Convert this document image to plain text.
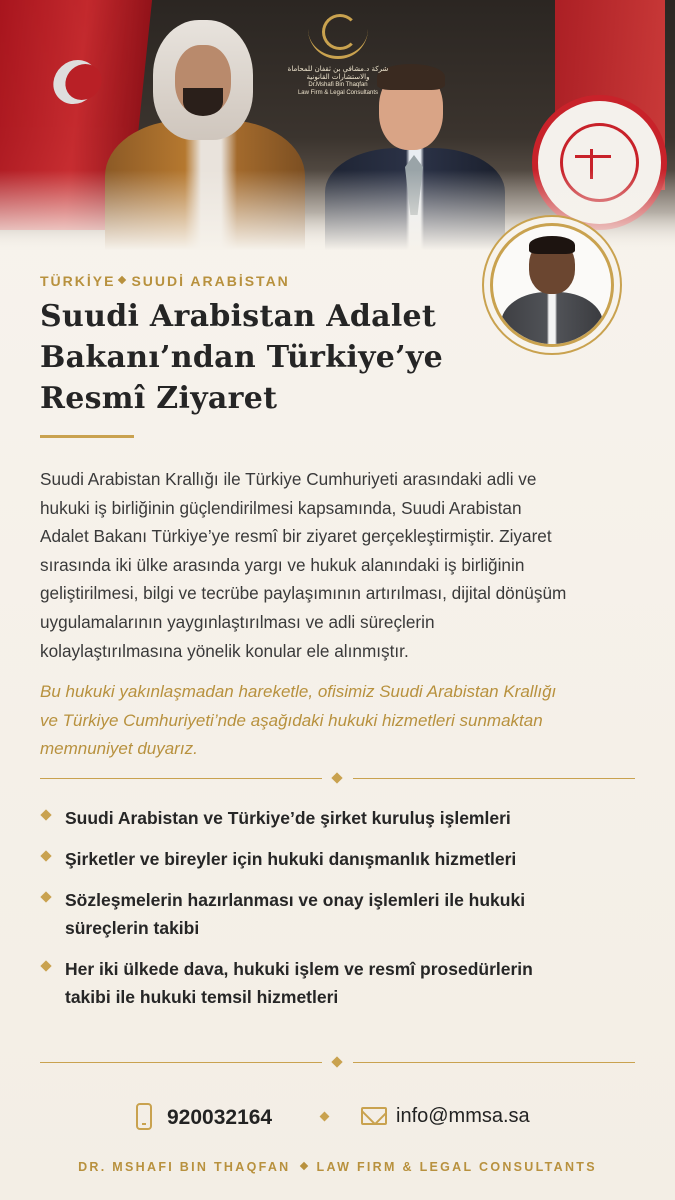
شركة د.مشافي بن ثقفان للمحاماة والاستشارات القانونية
Dr.Mshafi Bin Thaqfan
Law Firm & Legal Consultants
TÜRKİYE SUUDİ ARABİSTAN
Suudi Arabistan Adalet
Bakanı’ndan Türkiye’ye
Resmî Ziyaret
Suudi Arabistan Krallığı ile Türkiye Cumhuriyeti arasındaki adli ve
hukuki iş birliğinin güçlendirilmesi kapsamında, Suudi Arabistan
Adalet Bakanı Türkiye’ye resmî bir ziyaret gerçekleştirmiştir. Ziyaret
sırasında iki ülke arasında yargı ve hukuk alanındaki iş birliğinin
geliştirilmesi, bilgi ve tecrübe paylaşımının artırılması, dijital dönüşüm
uygulamalarının yaygınlaştırılması ve adli süreçlerin
kolaylaştırılmasına yönelik konular ele alınmıştır.
Bu hukuki yakınlaşmadan hareketle, ofisimiz Suudi Arabistan Krallığı
ve Türkiye Cumhuriyeti’nde aşağıdaki hukuki hizmetleri sunmaktan
memnuniyet duyarız.
Suudi Arabistan ve Türkiye’de şirket kuruluş işlemleri
Şirketler ve bireyler için hukuki danışmanlık hizmetleri
Sözleşmelerin hazırlanması ve onay işlemleri ile hukuki
süreçlerin takibi
Her iki ülkede dava, hukuki işlem ve resmî prosedürlerin
takibi ile hukuki temsil hizmetleri
920032164	info@mmsa.sa
DR. MSHAFI BIN THAQFAN LAW FIRM & LEGAL CONSULTANTS
